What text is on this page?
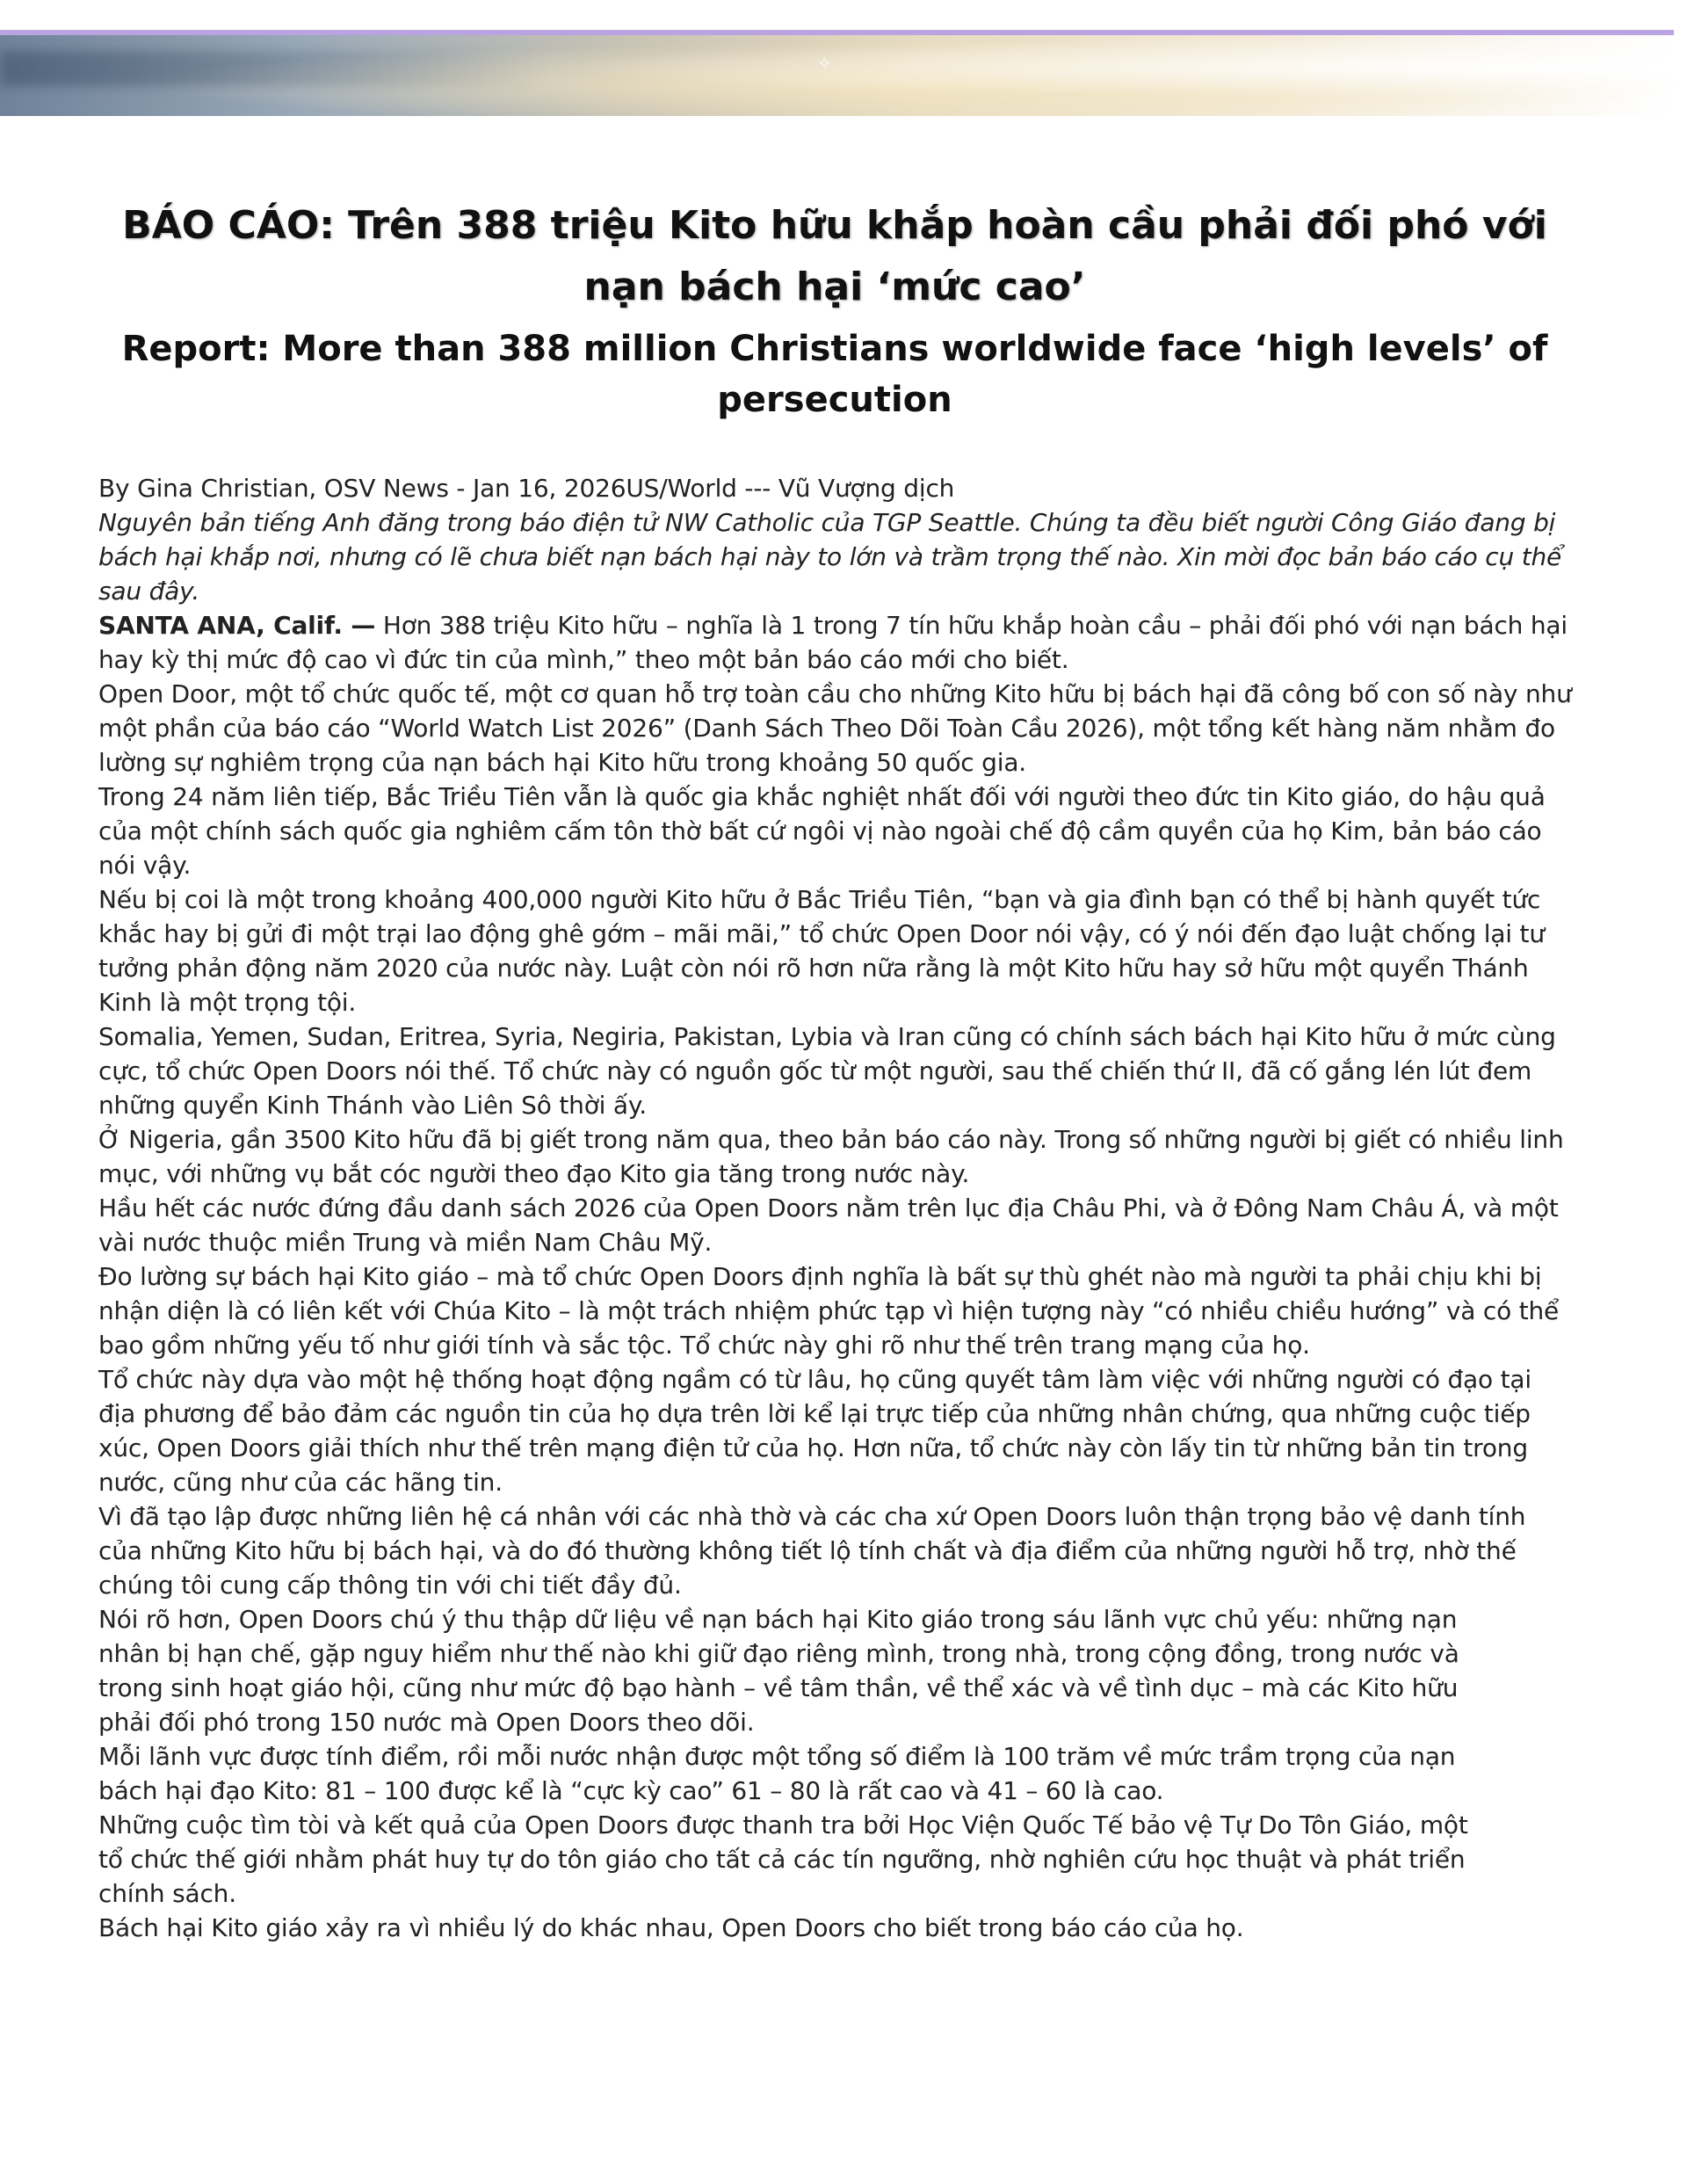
✧
BÁO CÁO: Trên 388 triệu Kito hữu khắp hoàn cầu phải đối phó với nạn bách hại ‘mức cao’
Report: More than 388 million Christians worldwide face ‘high levels’ of persecution

By Gina Christian, OSV News - Jan 16, 2026US/World --- Vũ Vượng dịch

Nguyên bản tiếng Anh đăng trong báo điện tử NW Catholic của TGP Seattle. Chúng ta đều biết người Công Giáo đang bị bách hại khắp nơi, nhưng có lẽ chưa biết nạn bách hại này to lớn và trầm trọng thế nào. Xin mời đọc bản báo cáo cụ thể sau đây.

SANTA ANA, Calif. — Hơn 388 triệu Kito hữu – nghĩa là 1 trong 7 tín hữu khắp hoàn cầu – phải đối phó với nạn bách hại hay kỳ thị mức độ cao vì đức tin của mình,” theo một bản báo cáo mới cho biết.

Open Door, một tổ chức quốc tế, một cơ quan hỗ trợ toàn cầu cho những Kito hữu bị bách hại đã công bố con số này như một phần của báo cáo “World Watch List 2026” (Danh Sách Theo Dõi Toàn Cầu 2026), một tổng kết hàng năm nhằm đo lường sự nghiêm trọng của nạn bách hại Kito hữu trong khoảng 50 quốc gia.

Trong 24 năm liên tiếp, Bắc Triều Tiên vẫn là quốc gia khắc nghiệt nhất đối với người theo đức tin Kito giáo, do hậu quả của một chính sách quốc gia nghiêm cấm tôn thờ bất cứ ngôi vị nào ngoài chế độ cầm quyền của họ Kim, bản báo cáo nói vậy.

Nếu bị coi là một trong khoảng 400,000 người Kito hữu ở Bắc Triều Tiên, “bạn và gia đình bạn có thể bị hành quyết tức khắc hay bị gửi đi một trại lao động ghê gớm – mãi mãi,” tổ chức Open Door nói vậy, có ý nói đến đạo luật chống lại tư tưởng phản động năm 2020 của nước này. Luật còn nói rõ hơn nữa rằng là một Kito hữu hay sở hữu một quyển Thánh Kinh là một trọng tội.

Somalia, Yemen, Sudan, Eritrea, Syria, Negiria, Pakistan, Lybia và Iran cũng có chính sách bách hại Kito hữu ở mức cùng cực, tổ chức Open Doors nói thế. Tổ chức này có nguồn gốc từ một người, sau thế chiến thứ II, đã cố gắng lén lút đem những quyển Kinh Thánh vào Liên Sô thời ấy.

Ở Nigeria, gần 3500 Kito hữu đã bị giết trong năm qua, theo bản báo cáo này. Trong số những người bị giết có nhiều linh mục, với những vụ bắt cóc người theo đạo Kito gia tăng trong nước này.

Hầu hết các nước đứng đầu danh sách 2026 của Open Doors nằm trên lục địa Châu Phi, và ở Đông Nam Châu Á, và một vài nước thuộc miền Trung và miền Nam Châu Mỹ.

Đo lường sự bách hại Kito giáo – mà tổ chức Open Doors định nghĩa là bất sự thù ghét nào mà người ta phải chịu khi bị nhận diện là có liên kết với Chúa Kito – là một trách nhiệm phức tạp vì hiện tượng này “có nhiều chiều hướng” và có thể bao gồm những yếu tố như giới tính và sắc tộc. Tổ chức này ghi rõ như thế trên trang mạng của họ.

Tổ chức này dựa vào một hệ thống hoạt động ngầm có từ lâu, họ cũng quyết tâm làm việc với những người có đạo tại địa phương để bảo đảm các nguồn tin của họ dựa trên lời kể lại trực tiếp của những nhân chứng, qua những cuộc tiếp xúc, Open Doors giải thích như thế trên mạng điện tử của họ. Hơn nữa, tổ chức này còn lấy tin từ những bản tin trong nước, cũng như của các hãng tin.

Vì đã tạo lập được những liên hệ cá nhân với các nhà thờ và các cha xứ Open Doors luôn thận trọng bảo vệ danh tính của những Kito hữu bị bách hại, và do đó thường không tiết lộ tính chất và địa điểm của những người hỗ trợ, nhờ thế chúng tôi cung cấp thông tin với chi tiết đầy đủ.

Nói rõ hơn, Open Doors chú ý thu thập dữ liệu về nạn bách hại Kito giáo trong sáu lãnh vực chủ yếu: những nạn nhân bị hạn chế, gặp nguy hiểm như thế nào khi giữ đạo riêng mình, trong nhà, trong cộng đồng, trong nước và trong sinh hoạt giáo hội, cũng như mức độ bạo hành – về tâm thần, về thể xác và về tình dục – mà các Kito hữu phải đối phó trong 150 nước mà Open Doors theo dõi.

Mỗi lãnh vực được tính điểm, rồi mỗi nước nhận được một tổng số điểm là 100 trăm về mức trầm trọng của nạn bách hại đạo Kito: 81 – 100 được kể là “cực kỳ cao” 61 – 80 là rất cao và 41 – 60 là cao.

Những cuộc tìm tòi và kết quả của Open Doors được thanh tra bởi Học Viện Quốc Tế bảo vệ Tự Do Tôn Giáo, một tổ chức thế giới nhằm phát huy tự do tôn giáo cho tất cả các tín ngưỡng, nhờ nghiên cứu học thuật và phát triển chính sách.

Bách hại Kito giáo xảy ra vì nhiều lý do khác nhau, Open Doors cho biết trong báo cáo của họ.
